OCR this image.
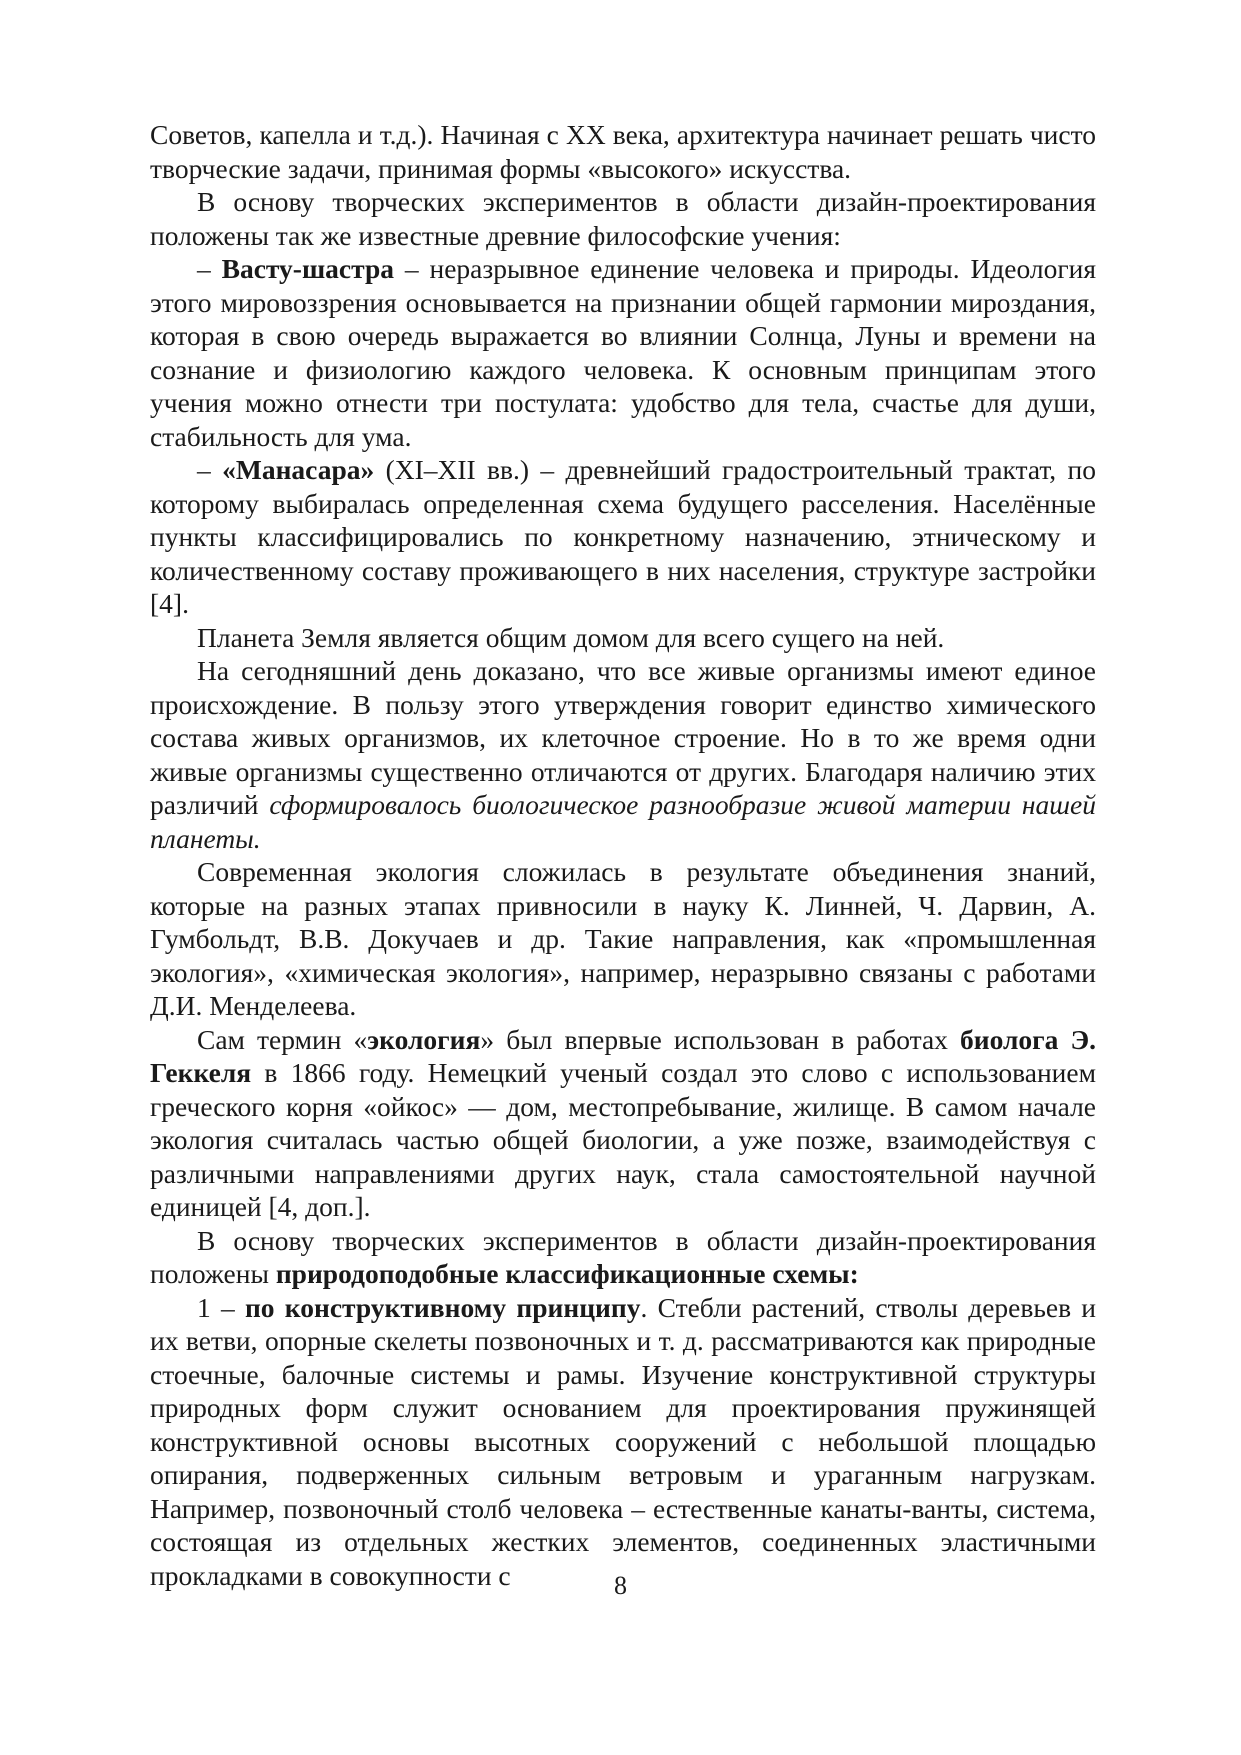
Советов, капелла и т.д.). Начиная с ХХ века, архитектура начинает решать чисто творческие задачи, принимая формы «высокого» искусства.

В основу творческих экспериментов в области дизайн-проектирования положены так же известные древние философские учения:

– Васту-шастра – неразрывное единение человека и природы. Идеология этого мировоззрения основывается на признании общей гармонии мироздания, которая в свою очередь выражается во влиянии Солнца, Луны и времени на сознание и физиологию каждого человека. К основным принципам этого учения можно отнести три постулата: удобство для тела, счастье для души, стабильность для ума.

– «Манасара» (XI–XII вв.) – древнейший градостроительный трактат, по которому выбиралась определенная схема будущего расселения. Населённые пункты классифицировались по конкретному назначению, этническому и количественному составу проживающего в них населения, структуре застройки [4].

Планета Земля является общим домом для всего сущего на ней.

На сегодняшний день доказано, что все живые организмы имеют единое происхождение. В пользу этого утверждения говорит единство химического состава живых организмов, их клеточное строение. Но в то же время одни живые организмы существенно отличаются от других. Благодаря наличию этих различий сформировалось биологическое разнообразие живой материи нашей планеты.

Современная экология сложилась в результате объединения знаний, которые на разных этапах привносили в науку К. Линней, Ч. Дарвин, А. Гумбольдт, В.В. Докучаев и др. Такие направления, как «промышленная экология», «химическая экология», например, неразрывно связаны с работами Д.И. Менделеева.

Сам термин «экология» был впервые использован в работах биолога Э. Геккеля в 1866 году. Немецкий ученый создал это слово с использованием греческого корня «ойкос» — дом, местопребывание, жилище. В самом начале экология считалась частью общей биологии, а уже позже, взаимодействуя с различными направлениями других наук, стала самостоятельной научной единицей [4, доп.].

В основу творческих экспериментов в области дизайн-проектирования положены природоподобные классификационные схемы:

1 – по конструктивному принципу. Стебли растений, стволы деревьев и их ветви, опорные скелеты позвоночных и т. д. рассматриваются как природные стоечные, балочные системы и рамы. Изучение конструктивной структуры природных форм служит основанием для проектирования пружинящей конструктивной основы высотных сооружений с небольшой площадью опирания, подверженных сильным ветровым и ураганным нагрузкам. Например, позвоночный столб человека – естественные канаты-ванты, система, состоящая из отдельных жестких элементов, соединенных эластичными прокладками в совокупности с	8
